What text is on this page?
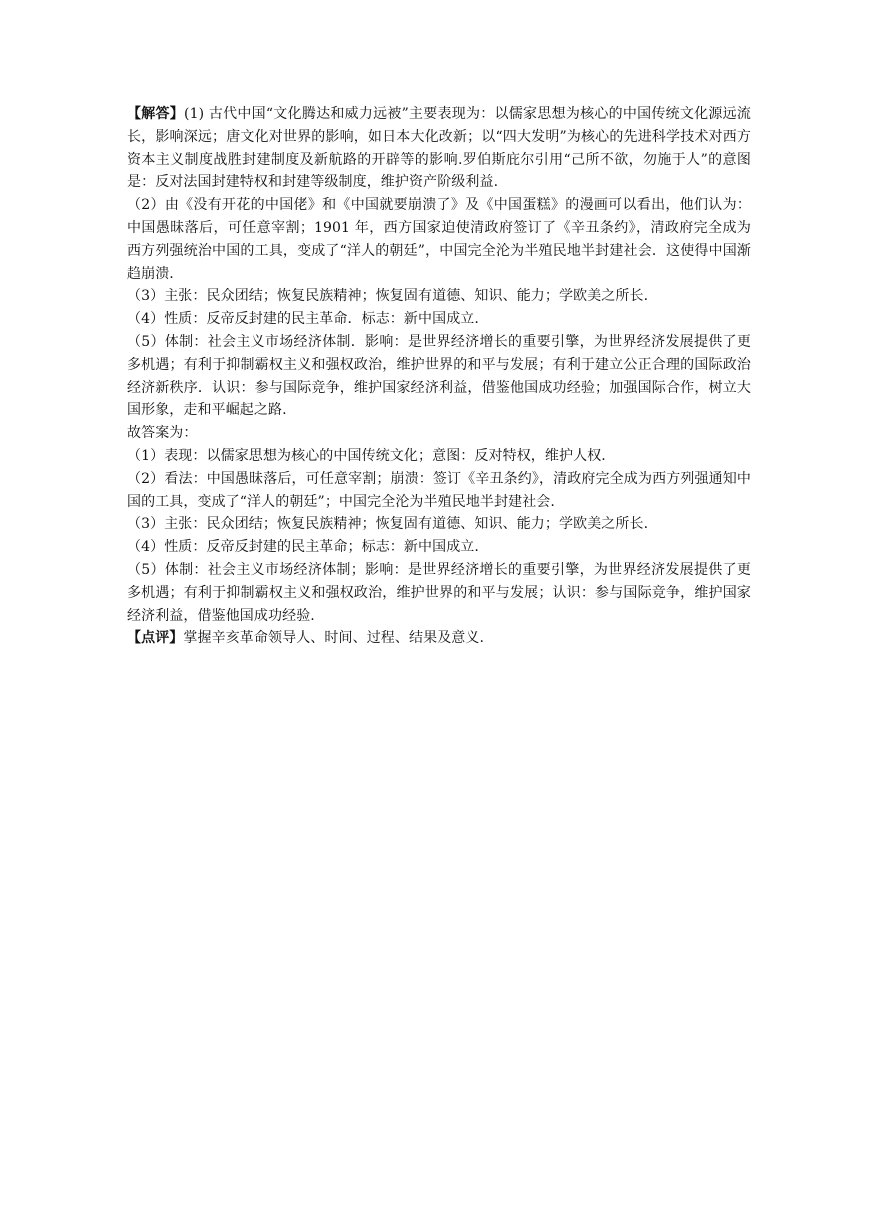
【解答】(1) 古代中国“文化腾达和威力远被”主要表现为：以儒家思想为核心的中国传统文化源远流长，影响深远；唐文化对世界的影响，如日本大化改新；以“四大发明”为核心的先进科学技术对西方资本主义制度战胜封建制度及新航路的开辟等的影响.罗伯斯庇尔引用“己所不欲，勿施于人”的意图是：反对法国封建特权和封建等级制度，维护资产阶级利益.

（2）由《没有开花的中国佬》和《中国就要崩溃了》及《中国蛋糕》的漫画可以看出，他们认为：中国愚昧落后，可任意宰割；1901 年，西方国家迫使清政府签订了《辛丑条约》，清政府完全成为西方列强统治中国的工具，变成了“洋人的朝廷”，中国完全沦为半殖民地半封建社会．这使得中国渐趋崩溃.

（3）主张：民众团结；恢复民族精神；恢复固有道德、知识、能力；学欧美之所长.

（4）性质：反帝反封建的民主革命．标志：新中国成立.

（5）体制：社会主义市场经济体制．影响：是世界经济增长的重要引擎，为世界经济发展提供了更多机遇；有利于抑制霸权主义和强权政治，维护世界的和平与发展；有利于建立公正合理的国际政治经济新秩序．认识：参与国际竞争，维护国家经济利益，借鉴他国成功经验；加强国际合作，树立大国形象，走和平崛起之路.

故答案为：

（1）表现：以儒家思想为核心的中国传统文化；意图：反对特权，维护人权.

（2）看法：中国愚昧落后，可任意宰割；崩溃：签订《辛丑条约》，清政府完全成为西方列强通知中国的工具，变成了“洋人的朝廷”；中国完全沦为半殖民地半封建社会.

（3）主张：民众团结；恢复民族精神；恢复固有道德、知识、能力；学欧美之所长.

（4）性质：反帝反封建的民主革命；标志：新中国成立.

（5）体制：社会主义市场经济体制；影响：是世界经济增长的重要引擎，为世界经济发展提供了更多机遇；有利于抑制霸权主义和强权政治，维护世界的和平与发展；认识：参与国际竞争，维护国家经济利益，借鉴他国成功经验.

【点评】掌握辛亥革命领导人、时间、过程、结果及意义.
